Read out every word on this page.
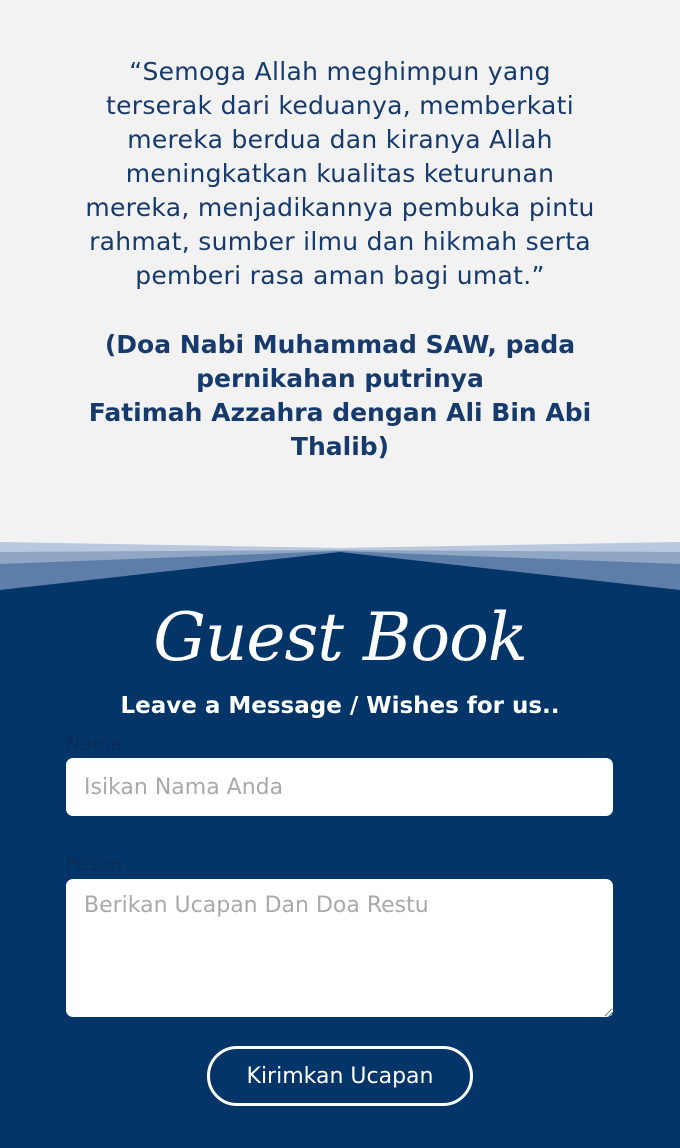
“Semoga Allah meghimpun yang
terserak dari keduanya, memberkati
mereka berdua dan kiranya Allah
meningkatkan kualitas keturunan
mereka, menjadikannya pembuka pintu
rahmat, sumber ilmu dan hikmah serta
pemberi rasa aman bagi umat.”
(Doa Nabi Muhammad SAW, pada
pernikahan putrinya
Fatimah Azzahra dengan Ali Bin Abi
Thalib)
Guest Book
Leave a Message / Wishes for us..
Nama
Isikan Nama Anda
Pesan
Berikan Ucapan Dan Doa Restu
Kirimkan Ucapan
